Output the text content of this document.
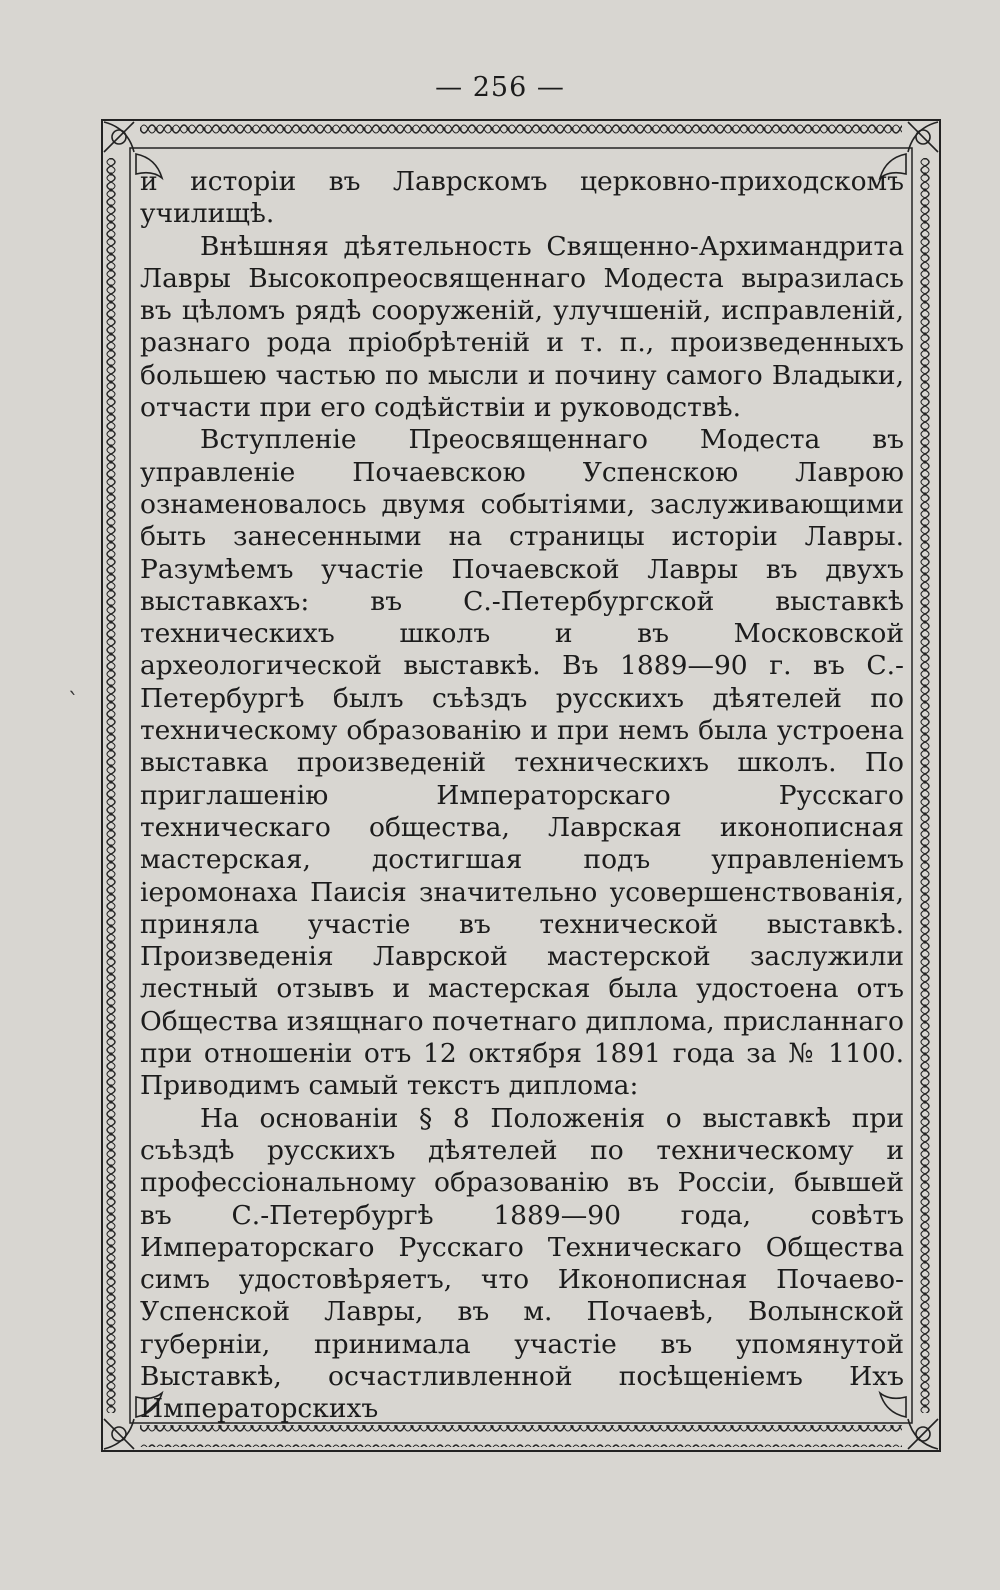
— 256 —
ˋ

и исторіи въ Лаврскомъ церковно-приходскомъ училищѣ.

Внѣшняя дѣятельность Священно-Архимандрита Лавры Высокопреосвященнаго Модеста выразилась въ цѣломъ рядѣ сооруженій, улучшеній, исправленій, разнаго рода пріобрѣтеній и т. п., произведенныхъ большею частью по мысли и почину самого Владыки, отчасти при его содѣйствіи и руководствѣ.

Вступленіе Преосвященнаго Модеста въ управленіе Почаевскою Успенскою Лаврою ознаменовалось двумя событіями, заслуживающими быть занесенными на страницы исторіи Лавры. Разумѣемъ участіе Почаевской Лавры въ двухъ выставкахъ: въ С.-Петербургской выставкѣ техническихъ школъ и въ Московской археологической выставкѣ. Въ 1889—90 г. въ С.-Петербургѣ былъ съѣздъ русскихъ дѣятелей по техническому образованію и при немъ была устроена выставка произведеній техническихъ школъ. По приглашенію Императорскаго Русскаго техническаго общества, Лаврская иконописная мастерская, достигшая подъ управленіемъ іеромонаха Паисія значительно усовершенствованія, приняла участіе въ технической выставкѣ. Произведенія Лаврской мастерской заслужили лестный отзывъ и мастерская была удостоена отъ Общества изящнаго почетнаго диплома, присланнаго при отношеніи отъ 12 октября 1891 года за № 1100. Приводимъ самый текстъ диплома:

На основаніи § 8 Положенія о выставкѣ при съѣздѣ русскихъ дѣятелей по техническому и профессіональному образованію въ Россіи, бывшей въ С.-Петербургѣ 1889—90 года, совѣтъ Императорскаго Русскаго Техническаго Общества симъ удостовѣряетъ, что Иконописная Почаево-Успенской Лавры, въ м. Почаевѣ, Волынской губерніи, принимала участіе въ упомянутой Выставкѣ, осчастливленной посѣщеніемъ Ихъ Императорскихъ
